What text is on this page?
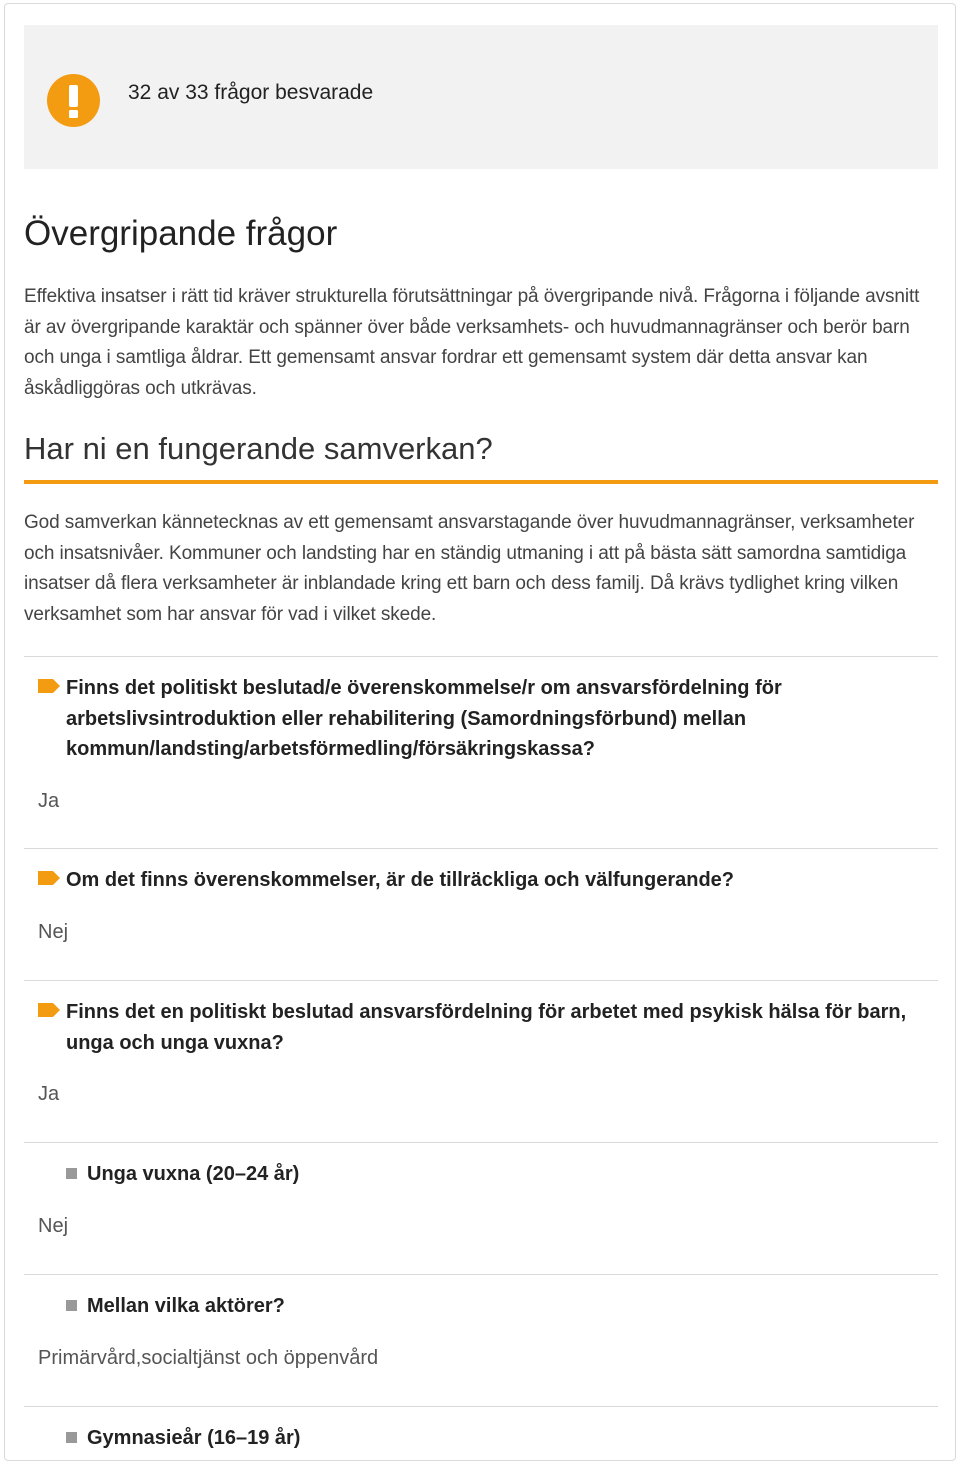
32 av 33 frågor besvarade
Övergripande frågor

Effektiva insatser i rätt tid kräver strukturella förutsättningar på övergripande nivå. Frågorna i följande avsnitt är av övergripande karaktär och spänner över både verksamhets- och huvudmannagränser och berör barn och unga i samtliga åldrar. Ett gemensamt ansvar fordrar ett gemensamt system där detta ansvar kan åskådliggöras och utkrävas.

Har ni en fungerande samverkan?

God samverkan kännetecknas av ett gemensamt ansvarstagande över huvudmannagränser, verksamheter och insatsnivåer. Kommuner och landsting har en ständig utmaning i att på bästa sätt samordna samtidiga insatser då flera verksamheter är inblandade kring ett barn och dess familj. Då krävs tydlighet kring vilken verksamhet som har ansvar för vad i vilket skede.

Finns det politiskt beslutad/e överenskommelse/r om ansvarsfördelning för arbetslivsintroduktion eller rehabilitering (Samordningsförbund) mellan kommun/landsting/arbetsförmedling/försäkringskassa?
Ja
Om det finns överenskommelser, är de tillräckliga och välfungerande?
Nej
Finns det en politiskt beslutad ansvarsfördelning för arbetet med psykisk hälsa för barn, unga och unga vuxna?
Ja
Unga vuxna (20–24 år)
Nej
Mellan vilka aktörer?
Primärvård,socialtjänst och öppenvård
Gymnasieår (16–19 år)
